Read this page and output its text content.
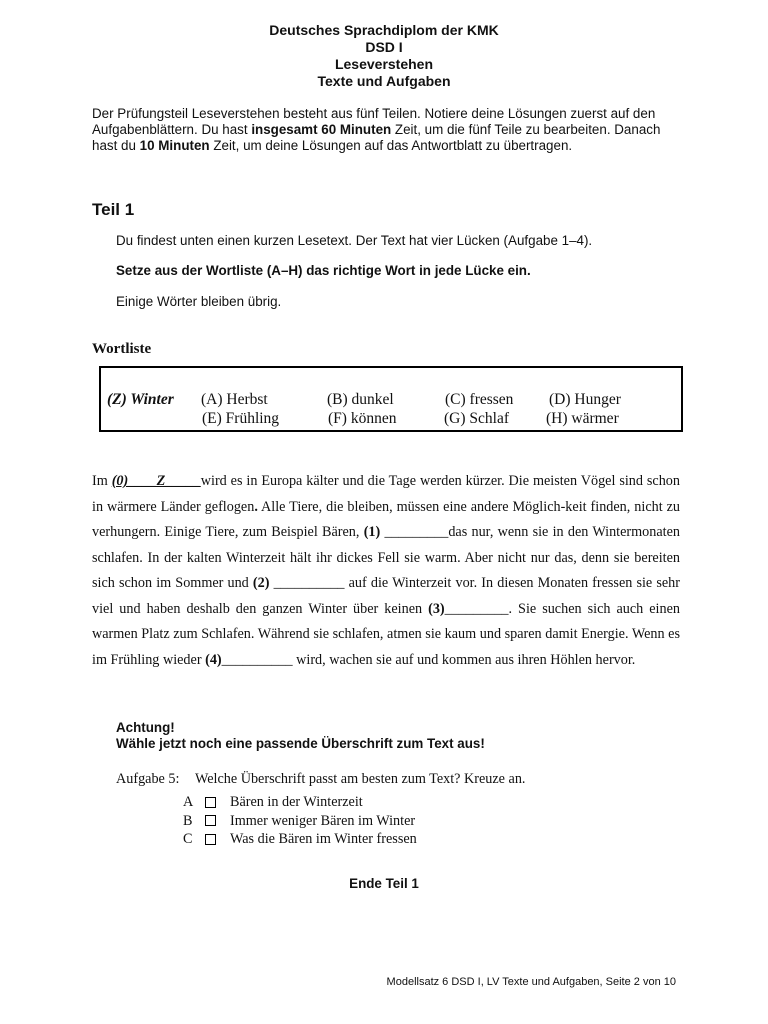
Deutsches Sprachdiplom der KMK
DSD I
Leseverstehen
Texte und Aufgaben

Der Prüfungsteil Leseverstehen besteht aus fünf Teilen. Notiere deine Lösungen zuerst auf den Aufgabenblättern. Du hast insgesamt 60 Minuten Zeit, um die fünf Teile zu bearbeiten. Danach hast du 10 Minuten Zeit, um deine Lösungen auf das Antwortblatt zu übertragen.

Teil 1
Du findest unten einen kurzen Lesetext. Der Text hat vier Lücken (Aufgabe 1–4).
Setze aus der Wortliste (A–H) das richtige Wort in jede Lücke ein.
Einige Wörter bleiben übrig.
Wortliste
(Z) Winter (A) Herbst	(B) dunkel	(C) fressen (D) Hunger
(E) Frühling	(F) können	(G) Schlaf (H) wärmer

Im (0)____Z_____wird es in Europa kälter und die Tage werden kürzer. Die meisten Vögel sind schon in wärmere Länder geflogen. Alle Tiere, die bleiben, müssen eine andere Möglich-keit finden, nicht zu verhungern. Einige Tiere, zum Beispiel Bären, (1) _________das nur, wenn sie in den Wintermonaten schlafen. In der kalten Winterzeit hält ihr dickes Fell sie warm. Aber nicht nur das, denn sie bereiten sich schon im Sommer und (2) __________ auf die Winterzeit vor. In diesen Monaten fressen sie sehr viel und haben deshalb den ganzen Winter über keinen (3)_________. Sie suchen sich auch einen warmen Platz zum Schlafen. Während sie schlafen, atmen sie kaum und sparen damit Energie. Wenn es im Frühling wieder (4)__________ wird, wachen sie auf und kommen aus ihren Höhlen hervor.

Achtung!
Wähle jetzt noch eine passende Überschrift zum Text aus!
Aufgabe 5: Welche Überschrift passt am besten zum Text? Kreuze an.
A	Bären in der Winterzeit
B	Immer weniger Bären im Winter
C	Was die Bären im Winter fressen
Ende Teil 1
Modellsatz 6 DSD I, LV Texte und Aufgaben, Seite 2 von 10
